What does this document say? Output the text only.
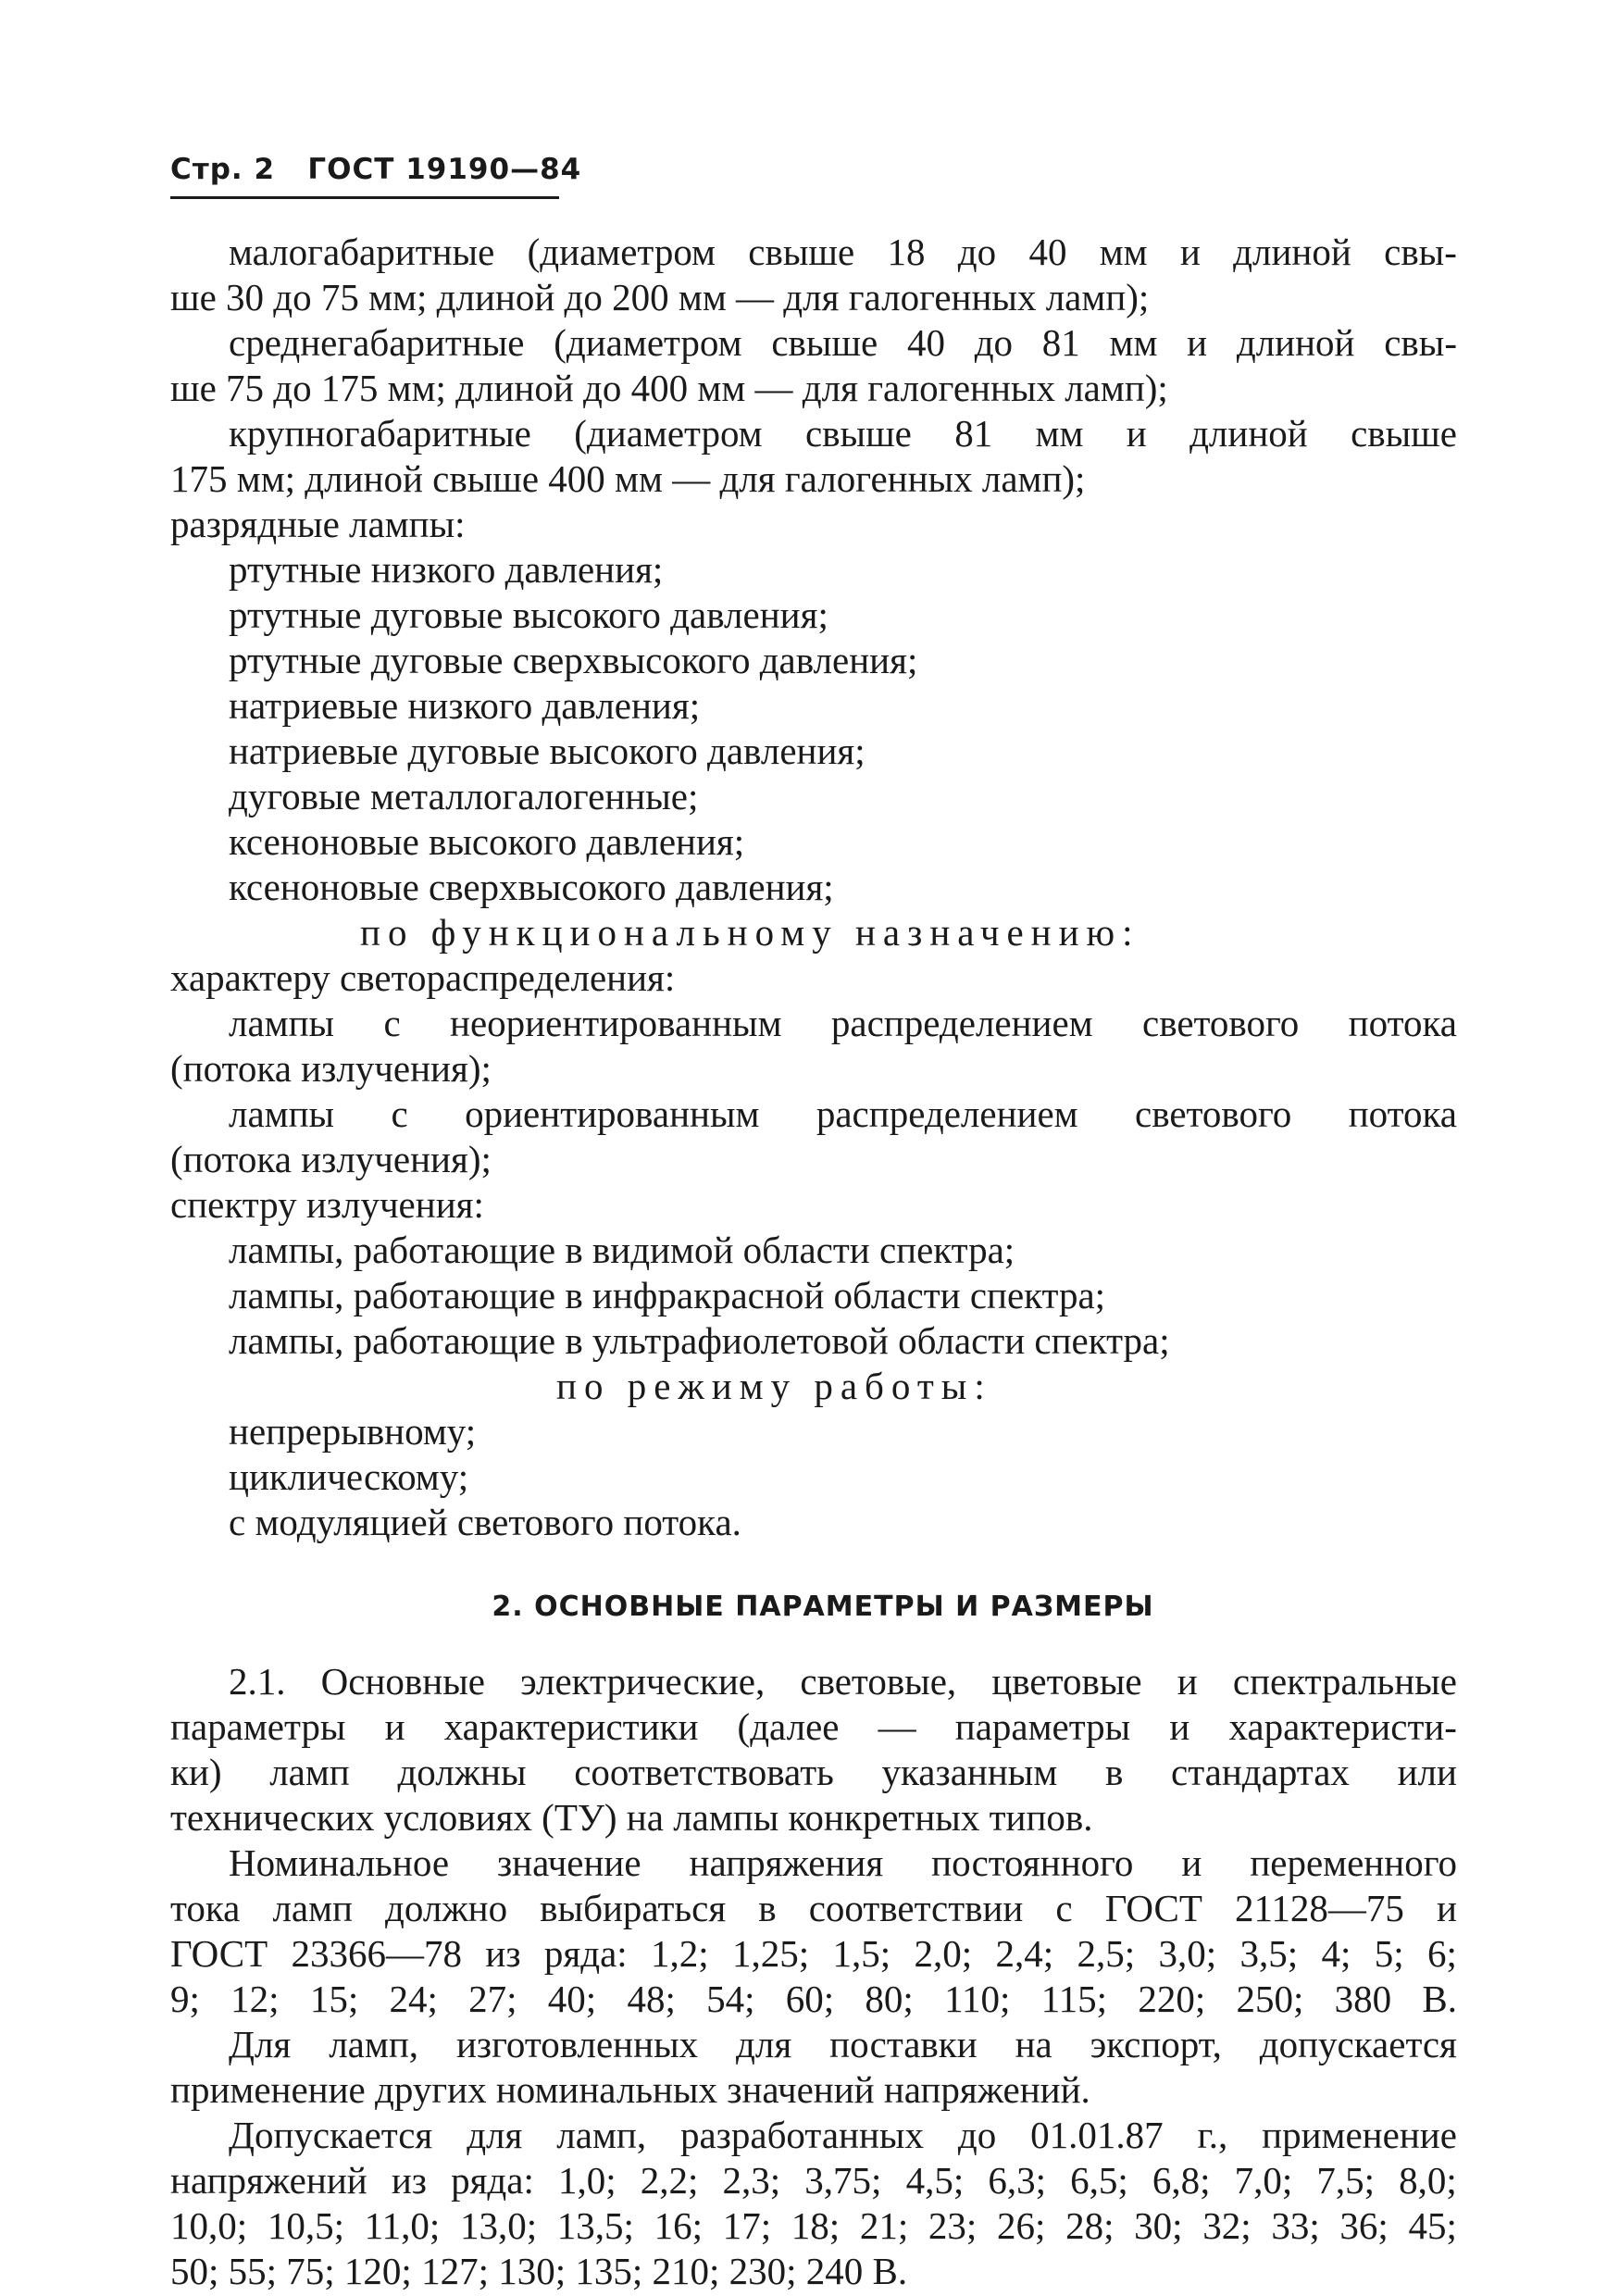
Стр. 2   ГОСТ 19190—84
малогабаритные (диаметром свыше 18 до 40 мм и длиной свы-
ше 30 до 75 мм; длиной до 200 мм — для галогенных ламп);
среднегабаритные (диаметром свыше 40 до 81 мм и длиной свы-
ше 75 до 175 мм; длиной до 400 мм — для галогенных ламп);
крупногабаритные (диаметром свыше 81 мм и длиной свыше
175 мм; длиной свыше 400 мм — для галогенных ламп);
разрядные лампы:
ртутные низкого давления;
ртутные дуговые высокого давления;
ртутные дуговые сверхвысокого давления;
натриевые низкого давления;
натриевые дуговые высокого давления;
дуговые металлогалогенные;
ксеноновые высокого давления;
ксеноновые сверхвысокого давления;
по функциональному назначению:
характеру светораспределения:
лампы с неориентированным распределением светового потока
(потока излучения);
лампы с ориентированным распределением светового потока
(потока излучения);
спектру излучения:
лампы, работающие в видимой области спектра;
лампы, работающие в инфракрасной области спектра;
лампы, работающие в ультрафиолетовой области спектра;
по режиму работы:
непрерывному;
циклическому;
с модуляцией светового потока.
2. ОСНОВНЫЕ ПАРАМЕТРЫ И РАЗМЕРЫ
2.1. Основные электрические, световые, цветовые и спектральные
параметры и характеристики (далее — параметры и характеристи-
ки) ламп должны соответствовать указанным в стандартах или
технических условиях (ТУ) на лампы конкретных типов.
Номинальное значение напряжения постоянного и переменного
тока ламп должно выбираться в соответствии с ГОСТ 21128—75 и
ГОСТ 23366—78 из ряда: 1,2; 1,25; 1,5; 2,0; 2,4; 2,5; 3,0; 3,5; 4; 5; 6;
9; 12; 15; 24; 27; 40; 48; 54; 60; 80; 110; 115; 220; 250; 380 В.
Для ламп, изготовленных для поставки на экспорт, допускается
применение других номинальных значений напряжений.
Допускается для ламп, разработанных до 01.01.87 г., применение
напряжений из ряда: 1,0; 2,2; 2,3; 3,75; 4,5; 6,3; 6,5; 6,8; 7,0; 7,5; 8,0;
10,0; 10,5; 11,0; 13,0; 13,5; 16; 17; 18; 21; 23; 26; 28; 30; 32; 33; 36; 45;
50; 55; 75; 120; 127; 130; 135; 210; 230; 240 В.
